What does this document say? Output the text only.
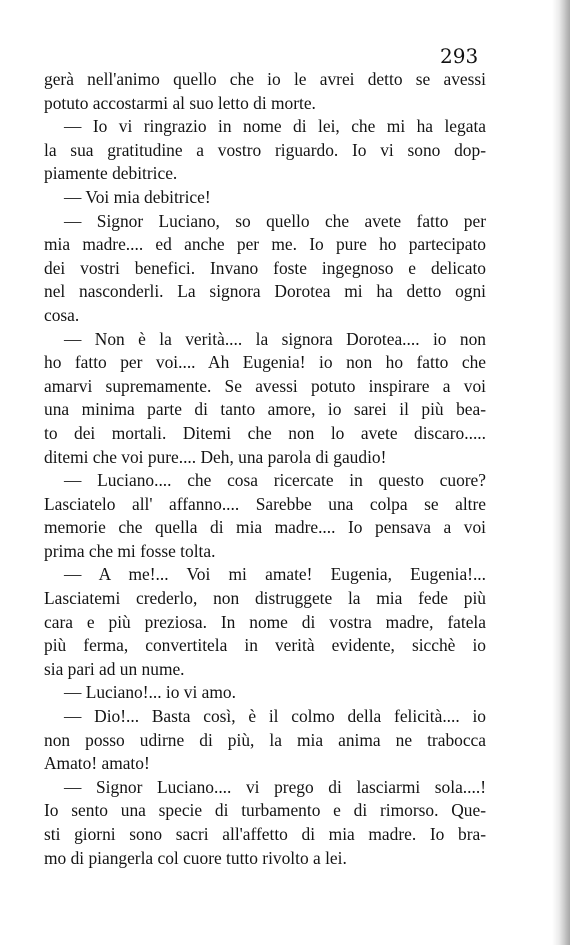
293
gerà nell'animo quello che io le avrei detto se avessi
potuto accostarmi al suo letto di morte.
— Io vi ringrazio in nome di lei, che mi ha legata
la sua gratitudine a vostro riguardo. Io vi sono dop-
piamente debitrice.
— Voi mia debitrice!
— Signor Luciano, so quello che avete fatto per
mia madre.... ed anche per me. Io pure ho partecipato
dei vostri benefici. Invano foste ingegnoso e delicato
nel nasconderli. La signora Dorotea mi ha detto ogni
cosa.
— Non è la verità.... la signora Dorotea.... io non
ho fatto per voi.... Ah Eugenia! io non ho fatto che
amarvi supremamente. Se avessi potuto inspirare a voi
una minima parte di tanto amore, io sarei il più bea-
to dei mortali. Ditemi che non lo avete discaro.....
ditemi che voi pure.... Deh, una parola di gaudio!
— Luciano.... che cosa ricercate in questo cuore?
Lasciatelo all' affanno.... Sarebbe una colpa se altre
memorie che quella di mia madre.... Io pensava a voi
prima che mi fosse tolta.
— A me!... Voi mi amate! Eugenia, Eugenia!...
Lasciatemi crederlo, non distruggete la mia fede più
cara e più preziosa. In nome di vostra madre, fatela
più ferma, convertitela in verità evidente, sicchè io
sia pari ad un nume.
— Luciano!... io vi amo.
— Dio!... Basta così, è il colmo della felicità.... io
non posso udirne di più, la mia anima ne trabocca
Amato! amato!
— Signor Luciano.... vi prego di lasciarmi sola....!
Io sento una specie di turbamento e di rimorso. Que-
sti giorni sono sacri all'affetto di mia madre. Io bra-
mo di piangerla col cuore tutto rivolto a lei.
